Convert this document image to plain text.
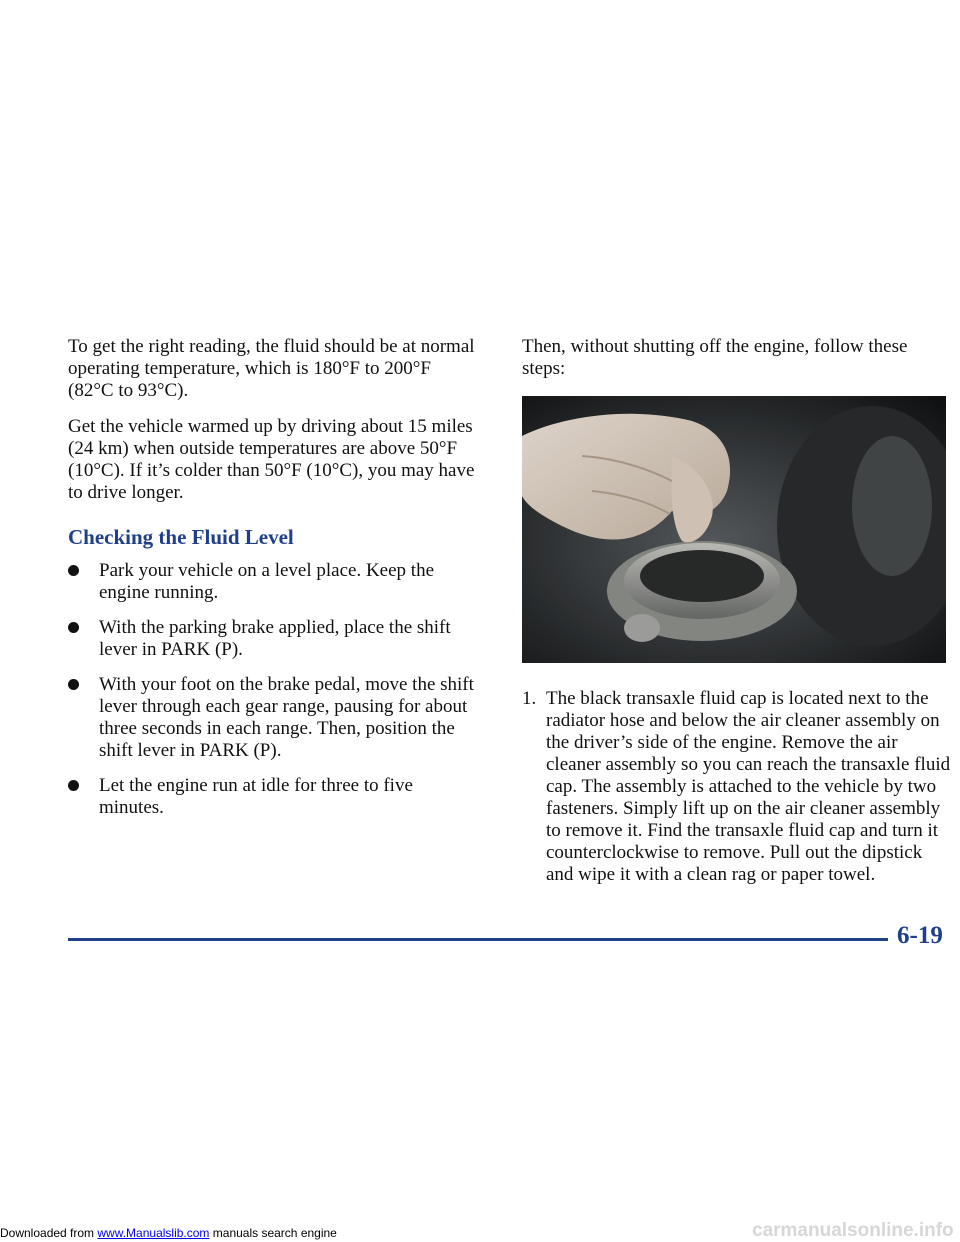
To get the right reading, the fluid should be at normal operating temperature, which is 180°F to 200°F (82°C to 93°C).

Get the vehicle warmed up by driving about 15 miles (24 km) when outside temperatures are above 50°F (10°C). If it’s colder than 50°F (10°C), you may have to drive longer.

Checking the Fluid Level
Park your vehicle on a level place. Keep the engine running.
With the parking brake applied, place the shift lever in PARK (P).
With your foot on the brake pedal, move the shift lever through each gear range, pausing for about three seconds in each range. Then, position the shift lever in PARK (P).
Let the engine run at idle for three to five minutes.

Then, without shutting off the engine, follow these steps:

1. The black transaxle fluid cap is located next to the radiator hose and below the air cleaner assembly on the driver’s side of the engine. Remove the air cleaner assembly so you can reach the transaxle fluid cap. The assembly is attached to the vehicle by two fasteners. Simply lift up on the air cleaner assembly to remove it. Find the transaxle fluid cap and turn it counterclockwise to remove. Pull out the dipstick and wipe it with a clean rag or paper towel.
6-19
Downloaded from www.Manualslib.com manuals search engine	carmanualsonline.info
